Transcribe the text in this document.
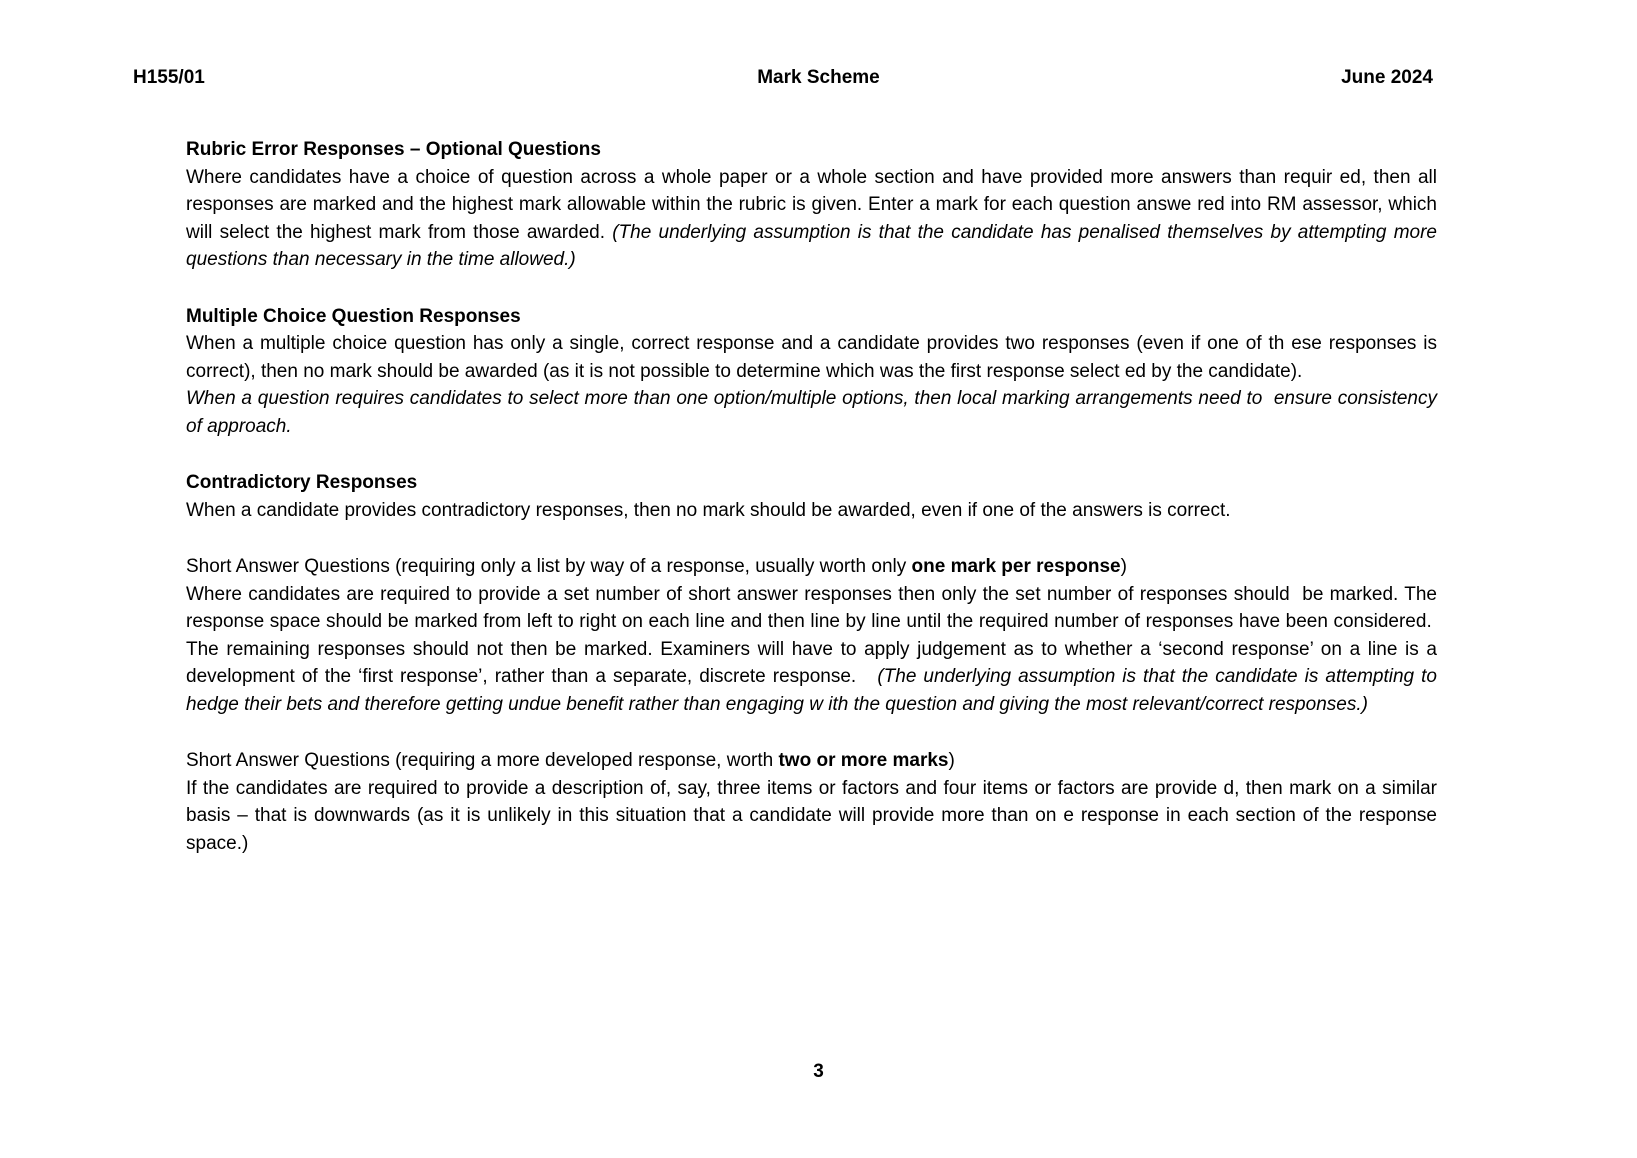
H155/01	Mark Scheme	June 2024

Rubric Error Responses – Optional Questions

Where candidates have a choice of question across a whole paper or a whole section and have provided more answers than requir ed, then all responses are marked and the highest mark allowable within the rubric is given. Enter a mark for each question answe red into RM assessor, which will select the highest mark from those awarded. (The underlying assumption is that the candidate has penalised themselves by attempting more questions than necessary in the time allowed.)

Multiple Choice Question Responses

When a multiple choice question has only a single, correct response and a candidate provides two responses (even if one of th ese responses is correct), then no mark should be awarded (as it is not possible to determine which was the first response select ed by the candidate).

When a question requires candidates to select more than one option/multiple options, then local marking arrangements need to  ensure consistency of approach.

Contradictory Responses

When a candidate provides contradictory responses, then no mark should be awarded, even if one of the answers is correct.

Short Answer Questions (requiring only a list by way of a response, usually worth only one mark per response)

Where candidates are required to provide a set number of short answer responses then only the set number of responses should  be marked. The response space should be marked from left to right on each line and then line by line until the required number of responses have been considered.  The remaining responses should not then be marked. Examiners will have to apply judgement as to whether a ‘second response’ on a line is a development of the ‘first response’, rather than a separate, discrete response.   (The underlying assumption is that the candidate is attempting to hedge their bets and therefore getting undue benefit rather than engaging w ith the question and giving the most relevant/correct responses.)

Short Answer Questions (requiring a more developed response, worth two or more marks)

If the candidates are required to provide a description of, say, three items or factors and four items or factors are provide d, then mark on a similar basis – that is downwards (as it is unlikely in this situation that a candidate will provide more than on e response in each section of the response space.)

3
